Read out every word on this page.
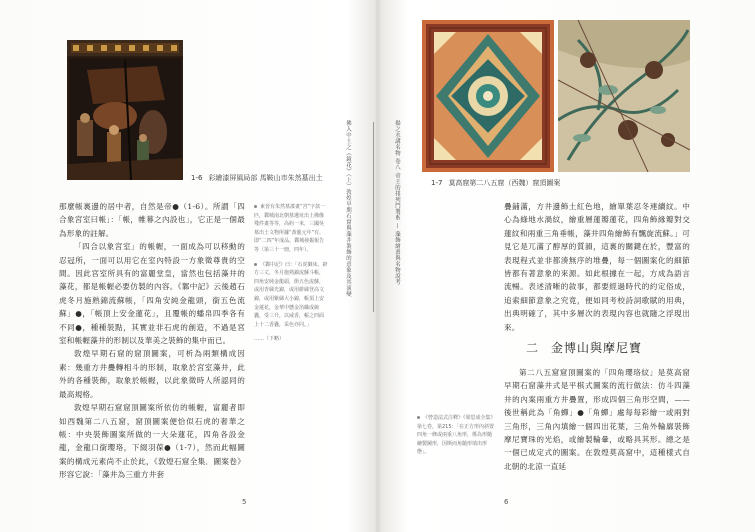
1-6 彩繪漆屏風局部 馬鞍山市朱然墓出土

那麼帳裏邊的居中者，自然是帝●（1-6）。所謂「四合象宮室曰帳」：「帳，帷幕之內設也」，它正是一個最為形象的註解。

「四合以象宮室」的帳幄，一面成為可以移動的忍冠所，一面可以用它在室內特設一方象徵尊貴的空間。因此宮室所具有的富麗堂皇，當然也包括藻井的藻花，都是帳幄必要仿製的內容。《鄴中記》云後趙石虎冬月施熟錦流蘇帳，「四角安純金龍頭，銜五色流蘇」●，「帳頂上安金蓮花」，且覆帳的蟠帛四季各有不同●，種種裝點，其實並非石虎的創造，不過是宮室和帳幄藻井的形制以及華美之裝飾的集中而已。

敦煌早期石窟的窟頂圖案，可析為兩類構成因素：幾重方井疊轉相斗的形制，取象於宮室藻井，此外的各種裝飾，取象於帳幄，以此象徵時人所認同的最高規格。

敦煌早期石窟窟頂圖案所依仿的帳幄，富麗者即如西魏第二八五窟，窟頂圖案便恰似石虎的奢華之帳：中央裝飾圖案所做的一大朵蓮花，四角各設金龍，金龍口銜瓔珞，下綴羽葆●（1-7），然而此幅圖案的構成元素尚不止於此，《敦煌石窟全集．圖案卷》形容它說：「藻井為三重方井套

5
東晉有朱然墓漆畫“宮”字款一匹，鄴城南北朝墓遺址出土佛像殘件畫等等，高約一米，三國吳墓出土文物所據“黃龍元年”有，即“二四”年成品。鄴城發掘報告等（第三十一冊，四年）。
《鄴中記》曰：「石虎御床，辟方三丈，冬月施熟錦流蘇斗帳，四角安純金龍頭，銜五色流蘇，或用青綈光錦，或用緋綈登高文錦，或用紫綈大小錦，帳頂上安金蓮花，金華中懸金箔織成綩囊，受三升，以威香，帳之四面上十二香囊，采色亦同。」
……（下略）
揚之水講名物 卷八 帝王的排列鬥製系 — 藻飾繪畫與名物說考
佛入中土之《鏡花》（上）敦煌早期石窟與藻井裝飾的意象及其演變	1-7 莫高窟第二八五窟（西魏）窟頂圖案

疊鋪滿，方井邊飾土紅色地，繪單葉忍冬連續紋。中心為綠地水渦紋，繪重層蓮瓣蓮花，四角飾緣瓣對交蓮紋和兩重三角垂帳，藻井四角繪飾有飄旋流蘇。」可見它是兀滿了醇厚的質韻，這裏的關鍵在於，豐富的表現程式並非都湊無序的堆疊，每一個圖案化的細節皆都有著意象的來源。如此根據在一起，方成為語言流暢。表述清晰的敘事，都要經過時代的約定俗成，追索細節意象之究竟，便如同考校詩詞歌賦的用典，出典明確了，其中多層次的表現內容也就隨之浮現出來。

二 金博山與摩尼寶

第二八五窟窟頂圖案的「四角瓔珞紋」是莫高窟早期石窟藻井式是平棋式圖案的流行做法：仿斗四藻井的內案兩重方井疊置，形成四個三角形空間，——後世稱此為「角蟬」●「角蟬」處每每彩繪一或兩對三角形，三角內填繪一個四出花葉，三角外輪廓裝飾摩尼寶珠的光焰，或繪製輪暈，或略具其形。總之是一個已成定式的圖案。在敦煌莫高窟中，這種樣式自北朝的北涼一直延

6
《營造法式注釋》《梁思成全集》第七卷，第215：「在正方形內斜置四角一條或兩重八角形，係為形隨繪製圖形，因斯而角隨形填出形態」。
